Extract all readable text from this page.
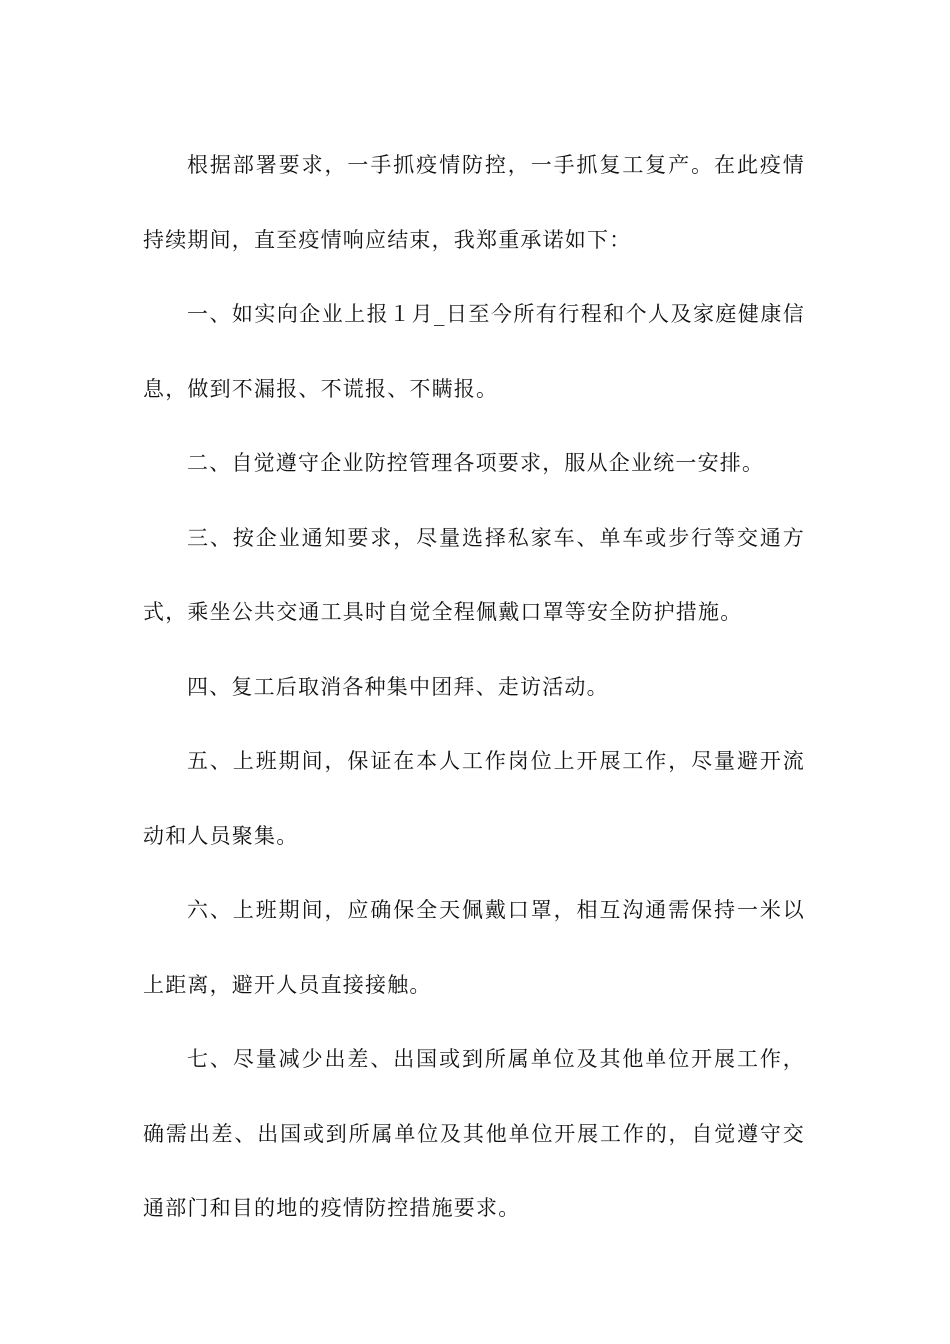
根据部署要求，一手抓疫情防控，一手抓复工复产。在此疫情持续期间，直至疫情响应结束，我郑重承诺如下：

一、如实向企业上报１月_日至今所有行程和个人及家庭健康信息，做到不漏报、不谎报、不瞒报。

二、自觉遵守企业防控管理各项要求，服从企业统一安排。

三、按企业通知要求，尽量选择私家车、单车或步行等交通方式，乘坐公共交通工具时自觉全程佩戴口罩等安全防护措施。

四、复工后取消各种集中团拜、走访活动。

五、上班期间，保证在本人工作岗位上开展工作，尽量避开流动和人员聚集。

六、上班期间，应确保全天佩戴口罩，相互沟通需保持一米以上距离，避开人员直接接触。

七、尽量减少出差、出国或到所属单位及其他单位开展工作，确需出差、出国或到所属单位及其他单位开展工作的，自觉遵守交通部门和目的地的疫情防控措施要求。
